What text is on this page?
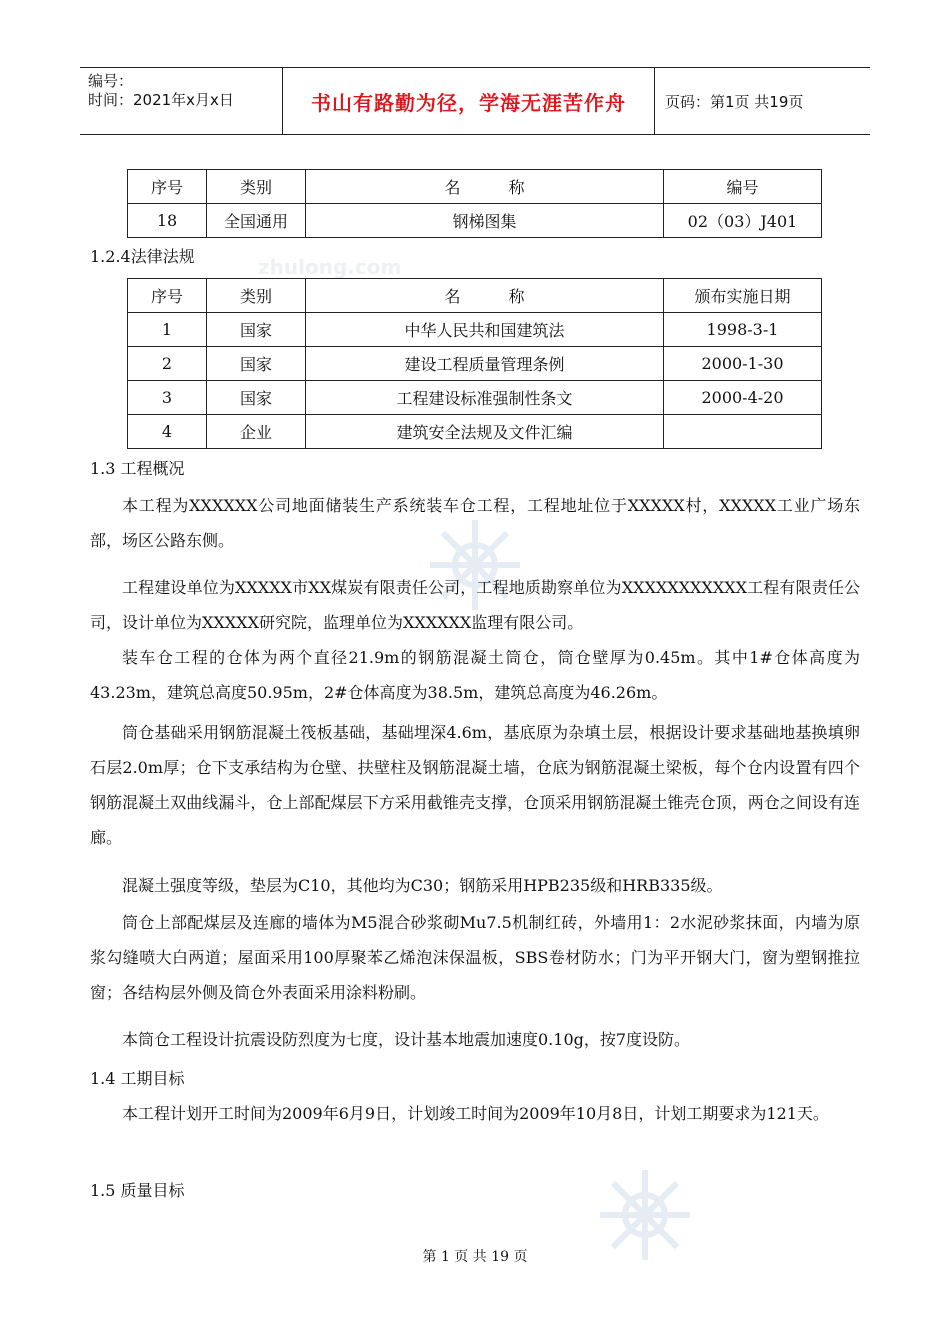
编号：
时间：2021年x月x日	书山有路勤为径，学海无涯苦作舟	页码：第1页 共19页
序号	类别	名　　　称	编号
18	全国通用	钢梯图集	02（03）J401
1.2.4法律法规	zhulong.com
序号	类别	名　　　称	颁布实施日期
1	国家	中华人民共和国建筑法	1998-3-1
2	国家	建设工程质量管理条例	2000-1-30
3	国家	工程建设标准强制性条文	2000-4-20
4	企业	建筑安全法规及文件汇编	
1.3 工程概况
本工程为XXXXXX公司地面储装生产系统装车仓工程，工程地址位于XXXXX村，XXXXX工业广场东部，场区公路东侧。
工程建设单位为XXXXX市XX煤炭有限责任公司，工程地质勘察单位为XXXXXXXXXXX工程有限责任公司，设计单位为XXXXX研究院，监理单位为XXXXXX监理有限公司。
装车仓工程的仓体为两个直径21.9m的钢筋混凝土筒仓，筒仓壁厚为0.45m。其中1#仓体高度为43.23m，建筑总高度50.95m，2#仓体高度为38.5m，建筑总高度为46.26m。
筒仓基础采用钢筋混凝土筏板基础，基础埋深4.6m，基底原为杂填土层，根据设计要求基础地基换填卵石层2.0m厚；仓下支承结构为仓壁、扶壁柱及钢筋混凝土墙，仓底为钢筋混凝土梁板，每个仓内设置有四个钢筋混凝土双曲线漏斗，仓上部配煤层下方采用截锥壳支撑，仓顶采用钢筋混凝土锥壳仓顶，两仓之间设有连廊。
混凝土强度等级，垫层为C10，其他均为C30；钢筋采用HPB235级和HRB335级。
筒仓上部配煤层及连廊的墙体为M5混合砂浆砌Mu7.5机制红砖，外墙用1：2水泥砂浆抹面，内墙为原浆勾缝喷大白两道；屋面采用100厚聚苯乙烯泡沫保温板，SBS卷材防水；门为平开钢大门，窗为塑钢推拉窗；各结构层外侧及筒仓外表面采用涂料粉刷。
本筒仓工程设计抗震设防烈度为七度，设计基本地震加速度0.10g，按7度设防。
1.4 工期目标
本工程计划开工时间为2009年6月9日，计划竣工时间为2009年10月8日，计划工期要求为121天。
1.5 质量目标
第 1 页 共 19 页
